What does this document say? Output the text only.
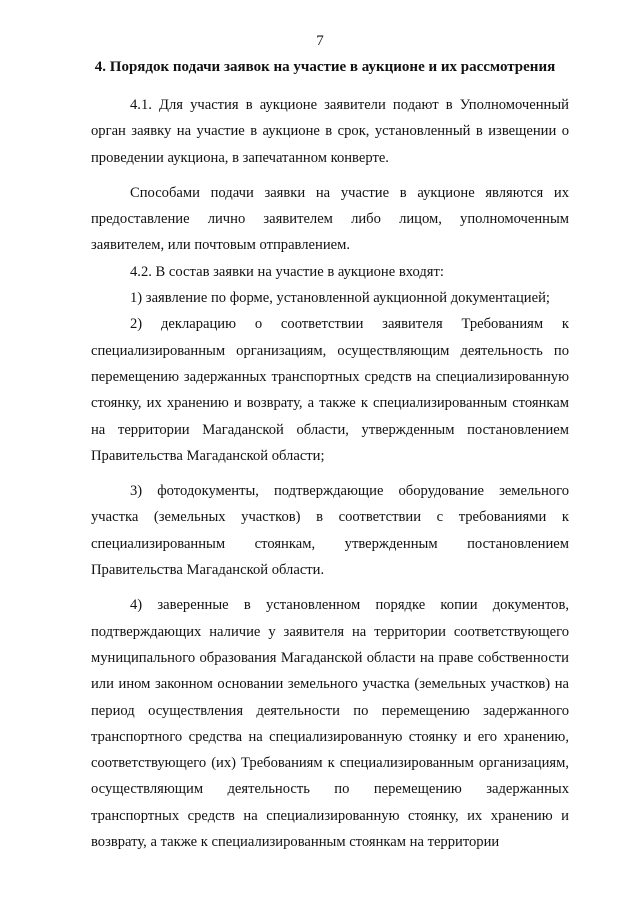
7
4. Порядок подачи заявок на участие в аукционе и их рассмотрения

4.1. Для участия в аукционе заявители подают в Уполномоченный орган заявку на участие в аукционе в срок, установленный в извещении о проведении аукциона, в запечатанном конверте.

Способами подачи заявки на участие в аукционе являются их предоставление лично заявителем либо лицом, уполномоченным заявителем, или почтовым отправлением.

4.2. В состав заявки на участие в аукционе входят:

1) заявление по форме, установленной аукционной документацией;

2) декларацию о соответствии заявителя Требованиям к специализированным организациям, осуществляющим деятельность по перемещению задержанных транспортных средств на специализированную стоянку, их хранению и возврату, а также к специализированным стоянкам на территории Магаданской области, утвержденным постановлением Правительства Магаданской области;

3) фотодокументы, подтверждающие оборудование земельного участка (земельных участков) в соответствии с требованиями к специализированным стоянкам, утвержденным постановлением Правительства Магаданской области.

4) заверенные в установленном порядке копии документов, подтверждающих наличие у заявителя на территории соответствующего муниципального образования Магаданской области на праве собственности или ином законном основании земельного участка (земельных участков) на период осуществления деятельности по перемещению задержанного транспортного средства на специализированную стоянку и его хранению, соответствующего (их) Требованиям к специализированным организациям, осуществляющим деятельность по перемещению задержанных транспортных средств на специализированную стоянку, их хранению и возврату, а также к специализированным стоянкам на территории
